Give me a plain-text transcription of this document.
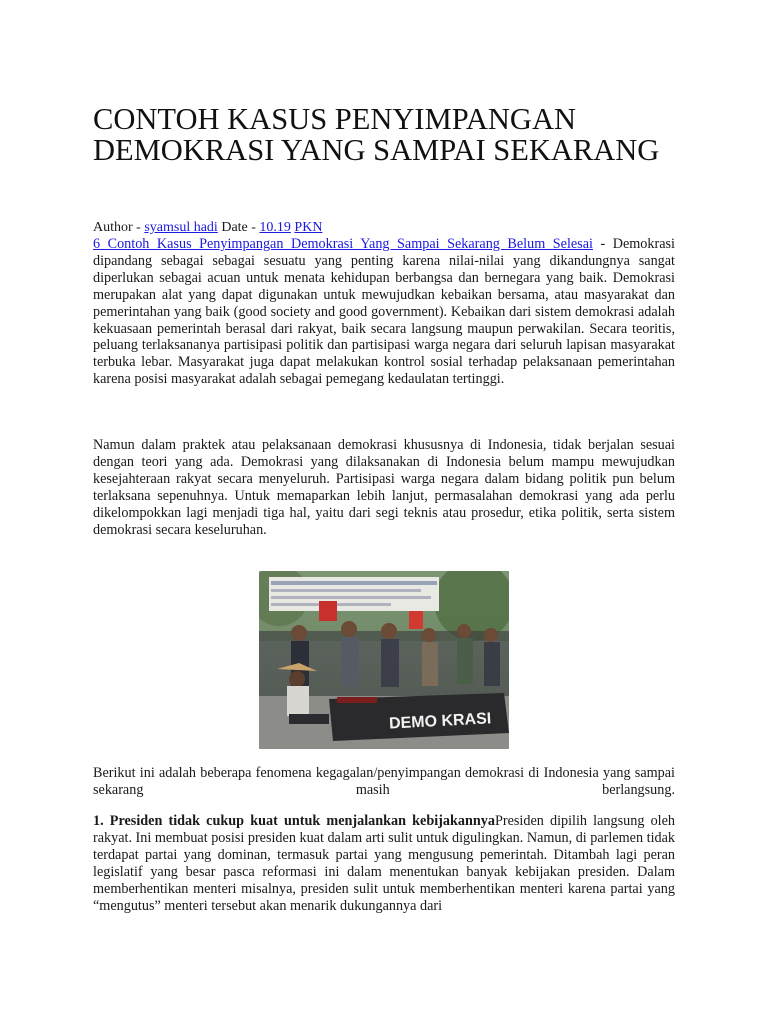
CONTOH KASUS PENYIMPANGAN DEMOKRASI YANG SAMPAI SEKARANG
Author - syamsul hadi Date - 10.19 PKN

6 Contoh Kasus Penyimpangan Demokrasi Yang Sampai Sekarang Belum Selesai - Demokrasi dipandang sebagai sebagai sesuatu yang penting karena nilai-nilai yang dikandungnya sangat diperlukan sebagai acuan untuk menata kehidupan berbangsa dan bernegara yang baik. Demokrasi merupakan alat yang dapat digunakan untuk mewujudkan kebaikan bersama, atau masyarakat dan pemerintahan yang baik (good society and good government). Kebaikan dari sistem demokrasi adalah kekuasaan pemerintah berasal dari rakyat, baik secara langsung maupun perwakilan. Secara teoritis, peluang terlaksananya partisipasi politik dan partisipasi warga negara dari seluruh lapisan masyarakat terbuka lebar. Masyarakat juga dapat melakukan kontrol sosial terhadap pelaksanaan pemerintahan karena posisi masyarakat adalah sebagai pemegang kedaulatan tertinggi.

Namun dalam praktek atau pelaksanaan demokrasi khususnya di Indonesia, tidak berjalan sesuai dengan teori yang ada. Demokrasi yang dilaksanakan di Indonesia belum mampu mewujudkan kesejahteraan rakyat secara menyeluruh. Partisipasi warga negara dalam bidang politik pun belum terlaksana sepenuhnya. Untuk memaparkan lebih lanjut, permasalahan demokrasi yang ada perlu dikelompokkan lagi menjadi tiga hal, yaitu dari segi teknis atau prosedur, etika politik, serta sistem demokrasi secara keseluruhan.

DEMO KRASI

Berikut ini adalah beberapa fenomena kegagalan/penyimpangan demokrasi di Indonesia yang sampai sekarang masih berlangsung.

1. Presiden tidak cukup kuat untuk menjalankan kebijakannyaPresiden dipilih langsung oleh rakyat. Ini membuat posisi presiden kuat dalam arti sulit untuk digulingkan. Namun, di parlemen tidak terdapat partai yang dominan, termasuk partai yang mengusung pemerintah. Ditambah lagi peran legislatif yang besar pasca reformasi ini dalam menentukan banyak kebijakan presiden. Dalam memberhentikan menteri misalnya, presiden sulit untuk memberhentikan menteri karena partai yang “mengutus” menteri tersebut akan menarik dukungannya dari
